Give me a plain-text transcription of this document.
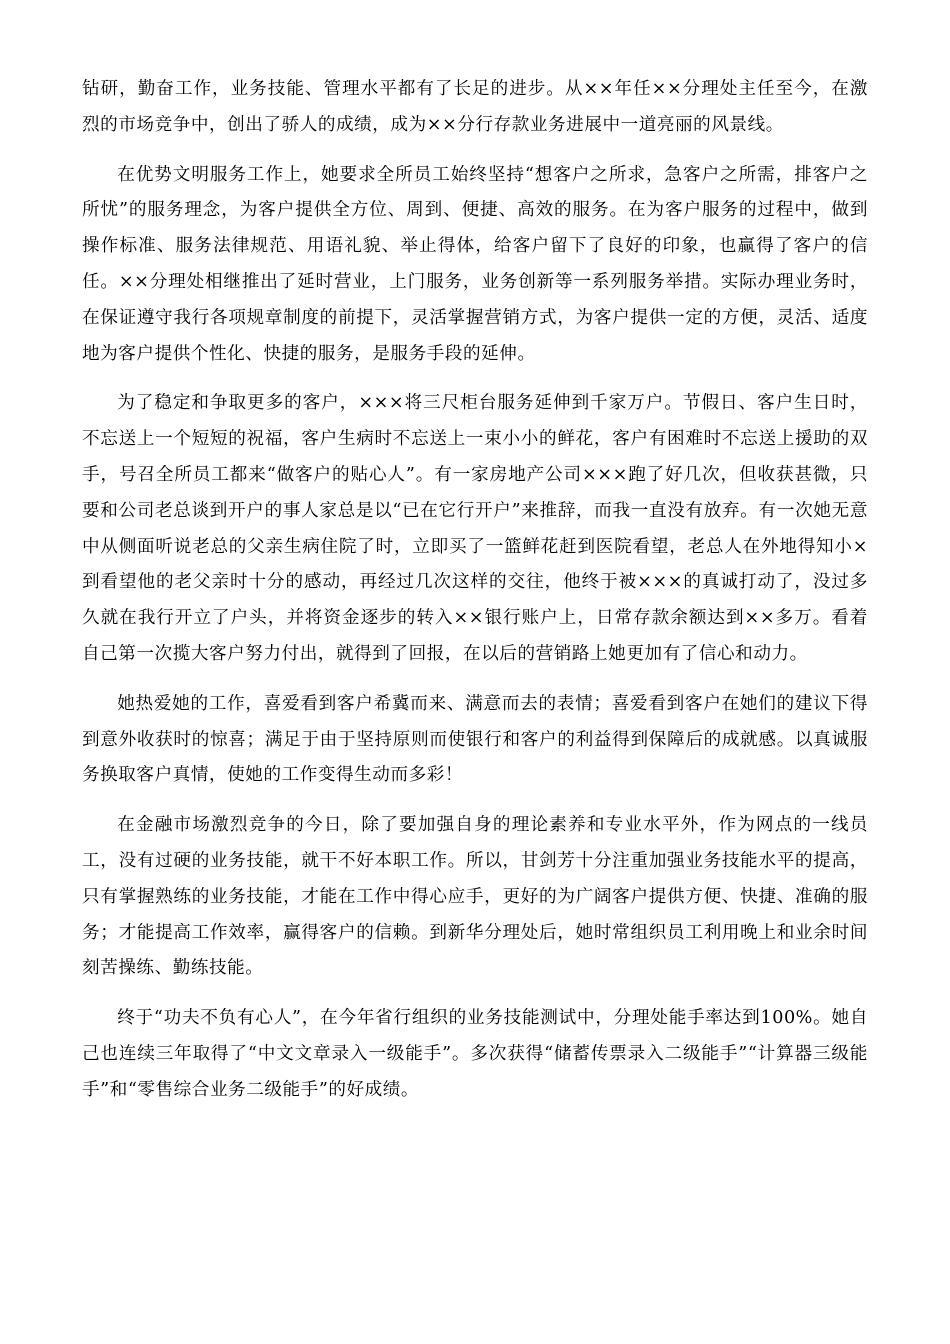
钻研，勤奋工作，业务技能、管理水平都有了长足的进步。从××年任××分理处主任至今，在激烈的市场竞争中，创出了骄人的成绩，成为××分行存款业务进展中一道亮丽的风景线。

在优势文明服务工作上，她要求全所员工始终坚持“想客户之所求，急客户之所需，排客户之所忧”的服务理念，为客户提供全方位、周到、便捷、高效的服务。在为客户服务的过程中，做到操作标准、服务法律规范、用语礼貌、举止得体，给客户留下了良好的印象，也赢得了客户的信任。××分理处相继推出了延时营业，上门服务，业务创新等一系列服务举措。实际办理业务时，在保证遵守我行各项规章制度的前提下，灵活掌握营销方式，为客户提供一定的方便，灵活、适度地为客户提供个性化、快捷的服务，是服务手段的延伸。

为了稳定和争取更多的客户，×××将三尺柜台服务延伸到千家万户。节假日、客户生日时，不忘送上一个短短的祝福，客户生病时不忘送上一束小小的鲜花，客户有困难时不忘送上援助的双手，号召全所员工都来“做客户的贴心人”。有一家房地产公司×××跑了好几次，但收获甚微，只要和公司老总谈到开户的事人家总是以“已在它行开户”来推辞，而我一直没有放弃。有一次她无意中从侧面听说老总的父亲生病住院了时，立即买了一篮鲜花赶到医院看望，老总人在外地得知小×到看望他的老父亲时十分的感动，再经过几次这样的交往，他终于被×××的真诚打动了，没过多久就在我行开立了户头，并将资金逐步的转入××银行账户上，日常存款余额达到××多万。看着自己第一次揽大客户努力付出，就得到了回报，在以后的营销路上她更加有了信心和动力。

她热爱她的工作，喜爱看到客户希冀而来、满意而去的表情；喜爱看到客户在她们的建议下得到意外收获时的惊喜；满足于由于坚持原则而使银行和客户的利益得到保障后的成就感。以真诚服务换取客户真情，使她的工作变得生动而多彩！

在金融市场激烈竞争的今日，除了要加强自身的理论素养和专业水平外，作为网点的一线员工，没有过硬的业务技能，就干不好本职工作。所以，甘剑芳十分注重加强业务技能水平的提高，只有掌握熟练的业务技能，才能在工作中得心应手，更好的为广阔客户提供方便、快捷、准确的服务；才能提高工作效率，赢得客户的信赖。到新华分理处后，她时常组织员工利用晚上和业余时间刻苦操练、勤练技能。

终于“功夫不负有心人”，在今年省行组织的业务技能测试中，分理处能手率达到100%。她自己也连续三年取得了“中文文章录入一级能手”。多次获得“储蓄传票录入二级能手”“计算器三级能手”和“零售综合业务二级能手”的好成绩。
